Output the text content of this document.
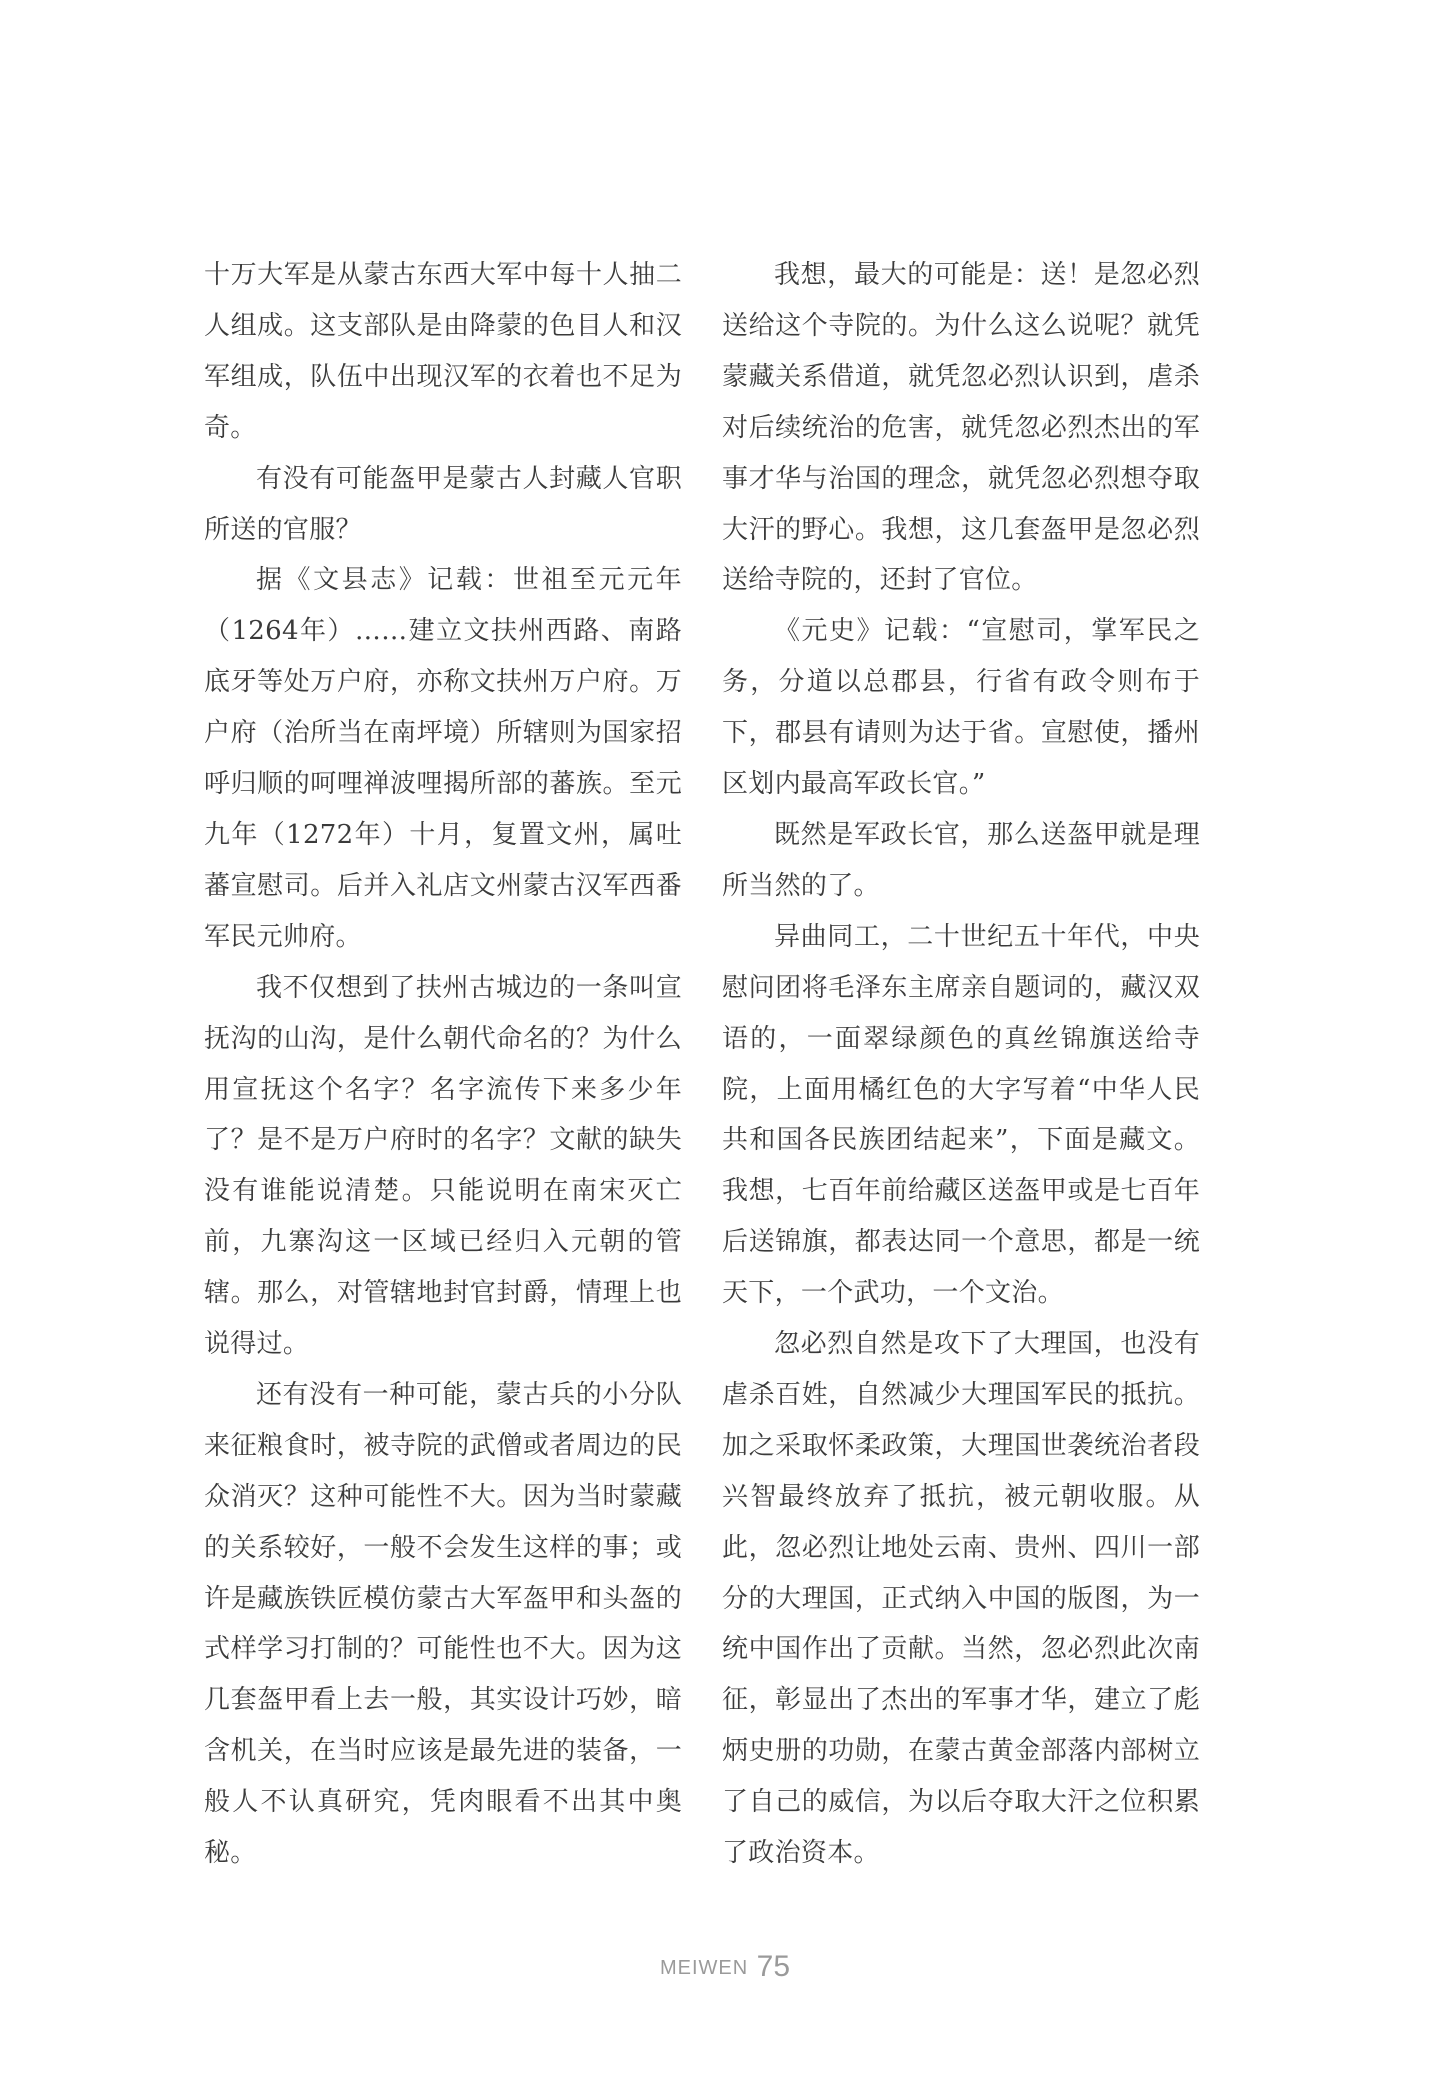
十万大军是从蒙古东西大军中每十人抽二人组成。这支部队是由降蒙的色目人和汉军组成，队伍中出现汉军的衣着也不足为奇。

有没有可能盔甲是蒙古人封藏人官职所送的官服？

据《文县志》记载：世祖至元元年（1264年）……建立文扶州西路、南路底牙等处万户府，亦称文扶州万户府。万户府（治所当在南坪境）所辖则为国家招呼归顺的呵哩禅波哩揭所部的蕃族。至元九年（1272年）十月，复置文州，属吐蕃宣慰司。后并入礼店文州蒙古汉军西番军民元帅府。

我不仅想到了扶州古城边的一条叫宣抚沟的山沟，是什么朝代命名的？为什么用宣抚这个名字？名字流传下来多少年了？是不是万户府时的名字？文献的缺失没有谁能说清楚。只能说明在南宋灭亡前，九寨沟这一区域已经归入元朝的管辖。那么，对管辖地封官封爵，情理上也说得过。

还有没有一种可能，蒙古兵的小分队来征粮食时，被寺院的武僧或者周边的民众消灭？这种可能性不大。因为当时蒙藏的关系较好，一般不会发生这样的事；或许是藏族铁匠模仿蒙古大军盔甲和头盔的式样学习打制的？可能性也不大。因为这几套盔甲看上去一般，其实设计巧妙，暗含机关，在当时应该是最先进的装备，一般人不认真研究，凭肉眼看不出其中奥秘。

我想，最大的可能是：送！是忽必烈送给这个寺院的。为什么这么说呢？就凭蒙藏关系借道，就凭忽必烈认识到，虐杀对后续统治的危害，就凭忽必烈杰出的军事才华与治国的理念，就凭忽必烈想夺取大汗的野心。我想，这几套盔甲是忽必烈送给寺院的，还封了官位。

《元史》记载：“宣慰司，掌军民之务，分道以总郡县，行省有政令则布于下，郡县有请则为达于省。宣慰使，播州区划内最高军政长官。”

既然是军政长官，那么送盔甲就是理所当然的了。

异曲同工，二十世纪五十年代，中央慰问团将毛泽东主席亲自题词的，藏汉双语的，一面翠绿颜色的真丝锦旗送给寺院，上面用橘红色的大字写着“中华人民共和国各民族团结起来”，下面是藏文。我想，七百年前给藏区送盔甲或是七百年后送锦旗，都表达同一个意思，都是一统天下，一个武功，一个文治。

忽必烈自然是攻下了大理国，也没有虐杀百姓，自然减少大理国军民的抵抗。加之采取怀柔政策，大理国世袭统治者段兴智最终放弃了抵抗，被元朝收服。从此，忽必烈让地处云南、贵州、四川一部分的大理国，正式纳入中国的版图，为一统中国作出了贡献。当然，忽必烈此次南征，彰显出了杰出的军事才华，建立了彪炳史册的功勋，在蒙古黄金部落内部树立了自己的威信，为以后夺取大汗之位积累了政治资本。

MEIWEN 75
